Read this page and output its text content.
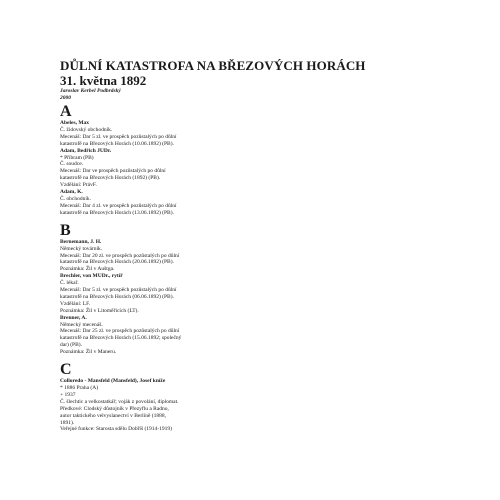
DŮLNÍ KATASTROFA NA BŘEZOVÝCH HORÁCH
31. května 1892
Jaroslav Kerbel Podbrdský
2000
A
Abeles, Max
Č. židovský obchodník.
Mecenáš: Dar 5 zl. ve prospěch pozůstalých po důlní
katastrofě na Březových Horách (10.06.1892) (PB).
Adam, Bedřich JUDr.
* Příbram (PB)
Č. soudce.
Mecenáš: Dar ve prospěch pozůstalých po důlní
katastrofě na Březových Horách (1892) (PB).
Vzdělání: PrávF.
Adam, K.
Č. obchodník.
Mecenáš: Dar 4 zl. ve prospěch pozůstalých po důlní
katastrofě na Březových Horách (13.06.1892) (PB).
B
Bernemann, J. H.
Německý továrník.
Mecenáš: Dar 20 zl. ve prospěch pozůstalých po důlní
katastrofě na Březových Horách (20.06.1892) (PB).
Poznámka: Žil v Auštga.
Brechler, von MUDr., rytíř
Č. lékař.
Mecenáš: Dar 5 zl. ve prospěch pozůstalých po důlní
katastrofě na Březových Horách (06.06.1892) (PB).
Vzdělání: LF.
Poznámka: Žil v Litoměřicích (LT).
Brenner, A.
Německý mecenáš.
Mecenáš: Dar 25 zl. ve prospěch pozůstalých po důlní
katastrofě na Březových Horách (15.06.1892; společný
dar) (PB).
Poznámka: Žil v Maneru.
C
Colloredo - Mansfeld (Mansfeld), Josef kníže
* 1886 Praha (A)
+ 1937
Č. šlechtic a velkostatkář; voják z povolání, diplomat.
Předkové: Clodský důstojník v Přezyflu a Radno,
autor taktického velvyslanectví v Berlíně (1888,
1891).
Veřejné funkce: Starosta sdělu Dobříš (1914-1919)
